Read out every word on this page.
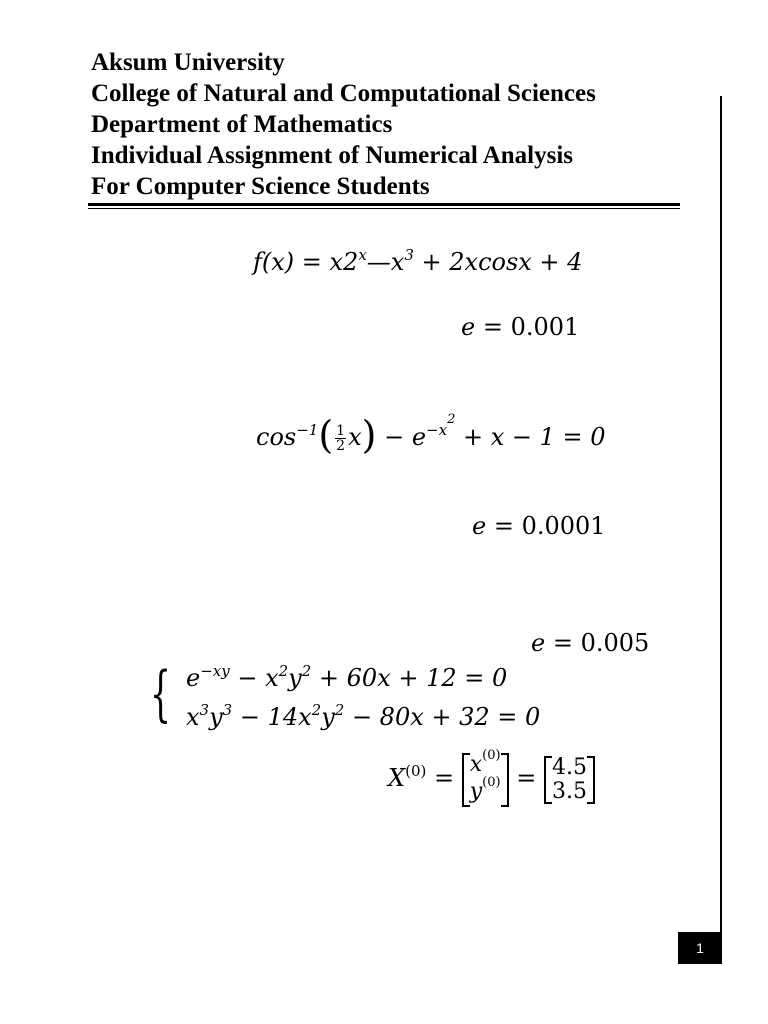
Aksum University
College of Natural and Computational Sciences
Department of Mathematics
Individual Assignment of Numerical Analysis
For Computer Science Students
$f(x) = x2^x—x^3 + 2xcosx + 4$
e = 0.001
$\cos^{-1}( \frac{1}{2} x) - e^{-x2} + x - 1 = 0$
e = 0.0001
e = 0.005
{ $e^{-xy} - x^2y^2 + 60x + 12 = 0$
$x^3y^3 - 14x^2y^2 - 80x + 32 = 0$
$X^{(0)} = x^{(0)}$
$y^{(0)} = 4.5$
3.5
1
